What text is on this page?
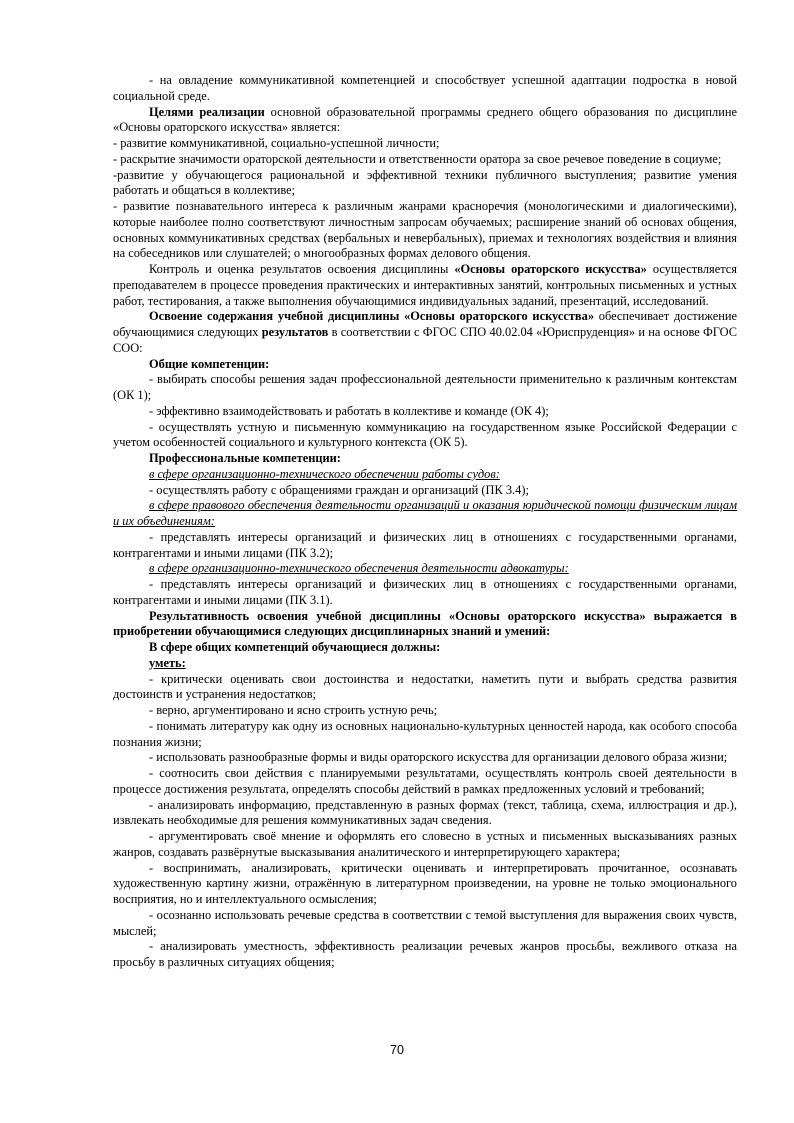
- на овладение коммуникативной компетенцией и способствует успешной адаптации подростка в новой социальной среде.

Целями реализации основной образовательной программы среднего общего образования по дисциплине «Основы ораторского искусства» является:

- развитие коммуникативной, социально-успешной личности;

- раскрытие значимости ораторской деятельности и ответственности оратора за свое речевое поведение в социуме;

-развитие у обучающегося рациональной и эффективной техники публичного выступления; развитие умения работать и общаться в коллективе;

- развитие познавательного интереса к различным жанрами красноречия (монологическими и диалогическими), которые наиболее полно соответствуют личностным запросам обучаемых; расширение знаний об основах общения, основных коммуникативных средствах (вербальных и невербальных), приемах и технологиях воздействия и влияния на собеседников или слушателей; о многообразных формах делового общения.

Контроль и оценка результатов освоения дисциплины «Основы ораторского искусства» осуществляется преподавателем в процессе проведения практических и интерактивных занятий, контрольных письменных и устных работ, тестирования, а также выполнения обучающимися индивидуальных заданий, презентаций, исследований.

Освоение содержания учебной дисциплины «Основы ораторского искусства» обеспечивает достижение обучающимися следующих результатов в соответствии с ФГОС СПО 40.02.04 «Юриспруденция» и на основе ФГОС СОО:

Общие компетенции:

- выбирать способы решения задач профессиональной деятельности применительно к различным контекстам (ОК 1);

- эффективно взаимодействовать и работать в коллективе и команде (ОК 4);

- осуществлять устную и письменную коммуникацию на государственном языке Российской Федерации с учетом особенностей социального и культурного контекста (ОК 5).

Профессиональные компетенции:

в сфере организационно-технического обеспечении работы судов:

- осуществлять работу с обращениями граждан и организаций (ПК 3.4);

в сфере правового обеспечения деятельности организаций и оказания юридической помощи физическим лицам и их объединениям:

- представлять интересы организаций и физических лиц в отношениях с государственными органами, контрагентами и иными лицами (ПК 3.2);

в сфере организационно-технического обеспечения деятельности адвокатуры:

- представлять интересы организаций и физических лиц в отношениях с государственными органами, контрагентами и иными лицами (ПК 3.1).

Результативность освоения учебной дисциплины «Основы ораторского искусства» выражается в приобретении обучающимися следующих дисциплинарных знаний и умений:

В сфере общих компетенций обучающиеся должны:

уметь:

- критически оценивать свои достоинства и недостатки, наметить пути и выбрать средства развития достоинств и устранения недостатков;

- верно, аргументировано и ясно строить устную речь;

- понимать литературу как одну из основных национально-культурных ценностей народа, как особого способа познания жизни;

- использовать разнообразные формы и виды ораторского искусства для организации делового образа жизни;

- соотносить свои действия с планируемыми результатами, осуществлять контроль своей деятельности в процессе достижения результата, определять способы действий в рамках предложенных условий и требований;

- анализировать информацию, представленную в разных формах (текст, таблица, схема, иллюстрация и др.), извлекать необходимые для решения коммуникативных задач сведения.

- аргументировать своё мнение и оформлять его словесно в устных и письменных высказываниях разных жанров, создавать развёрнутые высказывания аналитического и интерпретирующего характера;

- воспринимать, анализировать, критически оценивать и интерпретировать прочитанное, осознавать художественную картину жизни, отражённую в литературном произведении, на уровне не только эмоционального восприятия, но и интеллектуального осмысления;

- осознанно использовать речевые средства в соответствии с темой выступления для выражения своих чувств, мыслей;

- анализировать уместность, эффективность реализации речевых жанров просьбы, вежливого отказа на просьбу в различных ситуациях общения;

70
